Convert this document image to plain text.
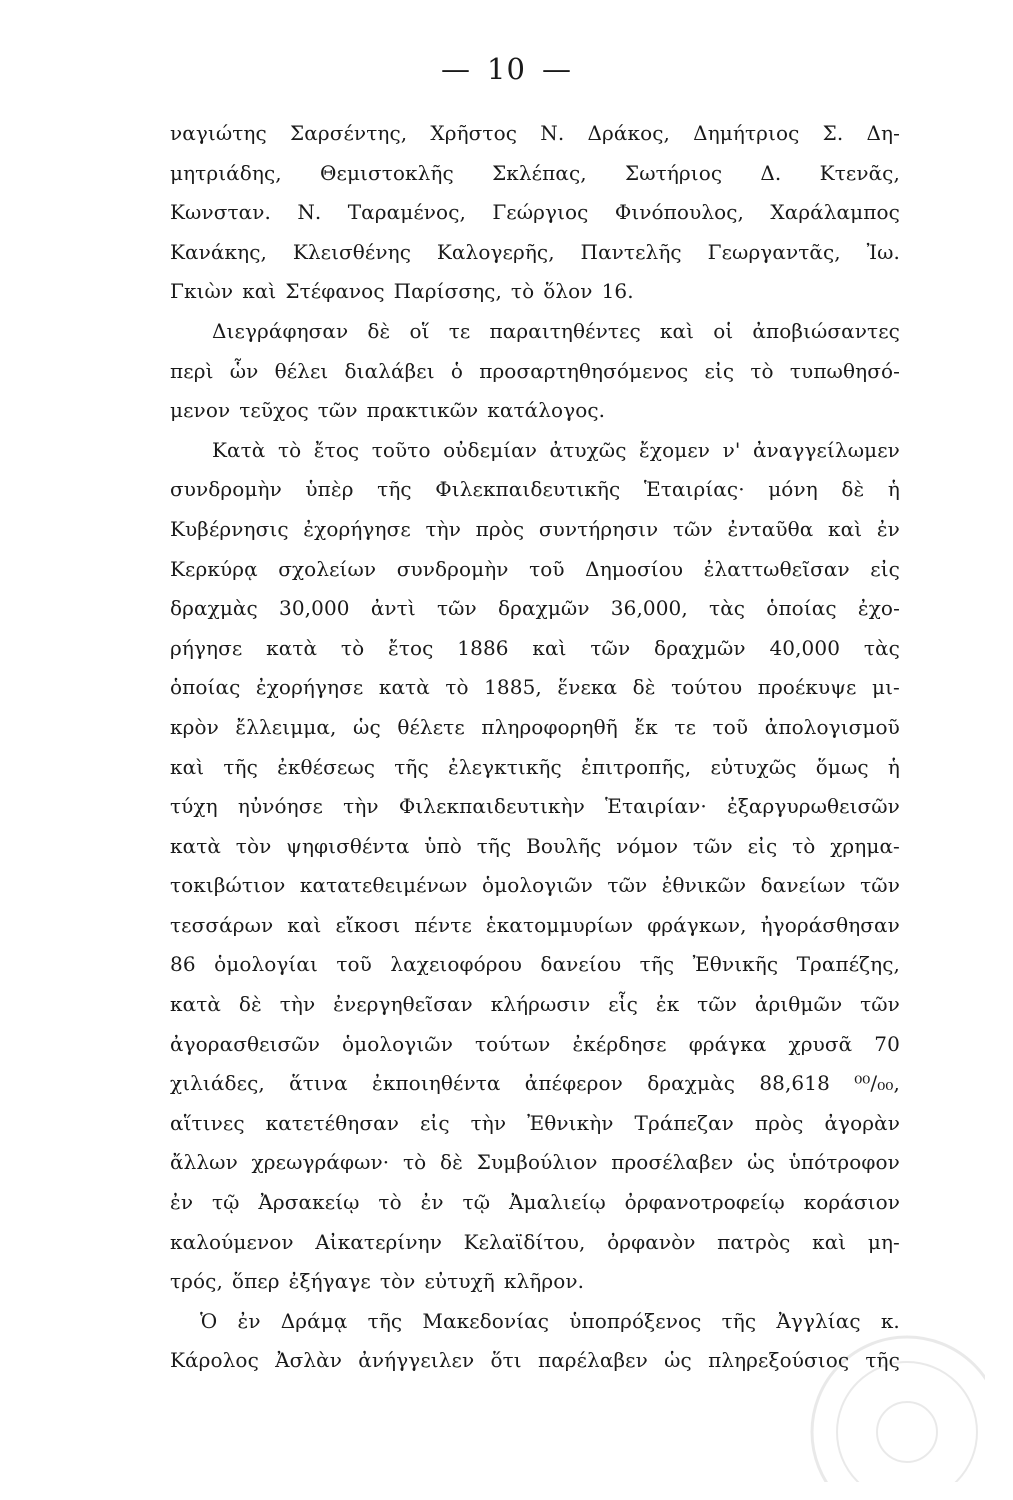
— 10 —
ναγιώτης Σαρσέντης, Χρῆστος Ν. Δράκος, Δημήτριος Σ. Δη-
μητριάδης, Θεμιστοκλῆς Σκλέπας, Σωτήριος Δ. Κτενᾶς,
Κωνσταν. Ν. Ταραμένος, Γεώργιος Φινόπουλος, Χαράλαμπος
Κανάκης, Κλεισθένης Καλογερῆς, Παντελῆς Γεωργαντᾶς, Ἰω.
Γκιὼν καὶ Στέφανος Παρίσσης, τὸ ὅλον 16.
Διεγράφησαν δὲ οἵ τε παραιτηθέντες καὶ οἱ ἀποβιώσαντες
περὶ ὧν θέλει διαλάβει ὁ προσαρτηθησόμενος εἰς τὸ τυπωθησό-
μενον τεῦχος τῶν πρακτικῶν κατάλογος.
Κατὰ τὸ ἔτος τοῦτο οὐδεμίαν ἀτυχῶς ἔχομεν ν' ἀναγγείλωμεν
συνδρομὴν ὑπὲρ τῆς Φιλεκπαιδευτικῆς Ἑταιρίας· μόνη δὲ ἡ
Κυβέρνησις ἐχορήγησε τὴν πρὸς συντήρησιν τῶν ἐνταῦθα καὶ ἐν
Κερκύρᾳ σχολείων συνδρομὴν τοῦ Δημοσίου ἐλαττωθεῖσαν εἰς
δραχμὰς 30,000 ἀντὶ τῶν δραχμῶν 36,000, τὰς ὁποίας ἐχο-
ρήγησε κατὰ τὸ ἔτος 1886 καὶ τῶν δραχμῶν 40,000 τὰς
ὁποίας ἐχορήγησε κατὰ τὸ 1885, ἕνεκα δὲ τούτου προέκυψε μι-
κρὸν ἔλλειμμα, ὡς θέλετε πληροφορηθῆ ἔκ τε τοῦ ἀπολογισμοῦ
καὶ τῆς ἐκθέσεως τῆς ἐλεγκτικῆς ἐπιτροπῆς, εὐτυχῶς ὅμως ἡ
τύχη ηὐνόησε τὴν Φιλεκπαιδευτικὴν Ἑταιρίαν· ἐξαργυρωθεισῶν
κατὰ τὸν ψηφισθέντα ὑπὸ τῆς Βουλῆς νόμον τῶν εἰς τὸ χρημα-
τοκιβώτιον κατατεθειμένων ὁμολογιῶν τῶν ἐθνικῶν δανείων τῶν
τεσσάρων καὶ εἴκοσι πέντε ἑκατομμυρίων φράγκων, ἠγοράσθησαν
86 ὁμολογίαι τοῦ λαχειοφόρου δανείου τῆς Ἐθνικῆς Τραπέζης,
κατὰ δὲ τὴν ἐνεργηθεῖσαν κλήρωσιν εἷς ἐκ τῶν ἀριθμῶν τῶν
ἀγορασθεισῶν ὁμολογιῶν τούτων ἐκέρδησε φράγκα χρυσᾶ 70
χιλιάδες, ἅτινα ἐκποιηθέντα ἀπέφερον δραχμὰς 88,618 ⁰⁰/₀₀,
αἵτινες κατετέθησαν εἰς τὴν Ἐθνικὴν Τράπεζαν πρὸς ἀγορὰν
ἄλλων χρεωγράφων· τὸ δὲ Συμβούλιον προσέλαβεν ὡς ὑπότροφον
ἐν τῷ Ἀρσακείῳ τὸ ἐν τῷ Ἀμαλιείῳ ὀρφανοτροφείῳ κοράσιον
καλούμενον Αἰκατερίνην Κελαϊδίτου, ὀρφανὸν πατρὸς καὶ μη-
τρός, ὅπερ ἐξήγαγε τὸν εὐτυχῆ κλῆρον.
Ὁ ἐν Δράμᾳ τῆς Μακεδονίας ὑποπρόξενος τῆς Ἀγγλίας κ.
Κάρολος Ἀσλὰν ἀνήγγειλεν ὅτι παρέλαβεν ὡς πληρεξούσιος τῆς
